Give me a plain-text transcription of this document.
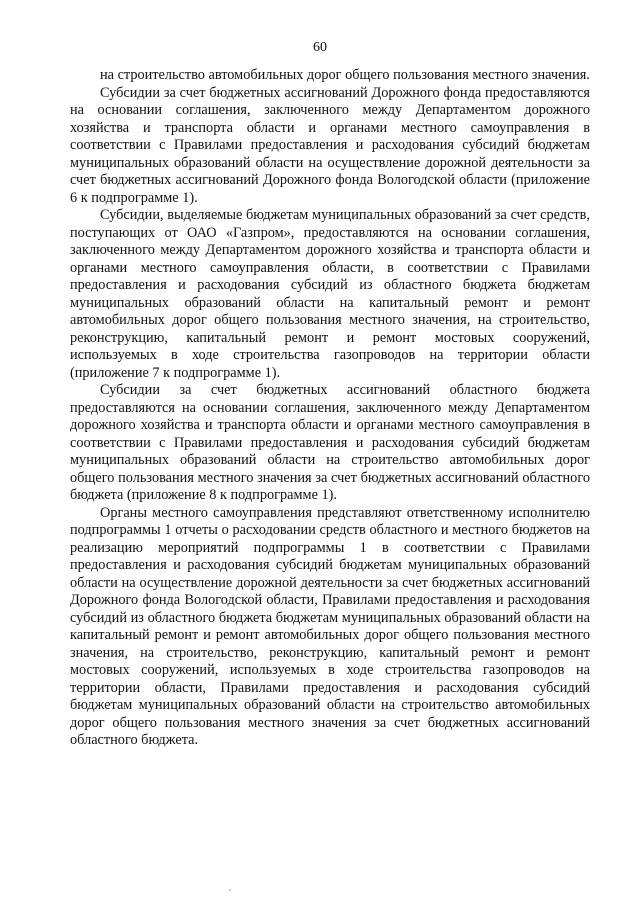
60

на строительство автомобильных дорог общего пользования местного значения.

Субсидии за счет бюджетных ассигнований Дорожного фонда предоставляются на основании соглашения, заключенного между Департаментом дорожного хозяйства и транспорта области и органами местного самоуправления в соответствии с Правилами предоставления и расходования субсидий бюджетам муниципальных образований области на осуществление дорожной деятельности за счет бюджетных ассигнований Дорожного фонда Вологодской области (приложение 6 к подпрограмме 1).

Субсидии, выделяемые бюджетам муниципальных образований за счет средств, поступающих от ОАО «Газпром», предоставляются на основании соглашения, заключенного между Департаментом дорожного хозяйства и транспорта области и органами местного самоуправления области, в соответствии с Правилами предоставления и расходования субсидий из областного бюджета бюджетам муниципальных образований области на капитальный ремонт и ремонт автомобильных дорог общего пользования местного значения, на строительство, реконструкцию, капитальный ремонт и ремонт мостовых сооружений, используемых в ходе строительства газопроводов на территории области (приложение 7 к подпрограмме 1).

Субсидии за счет бюджетных ассигнований областного бюджета предоставляются на основании соглашения, заключенного между Департаментом дорожного хозяйства и транспорта области и органами местного самоуправления в соответствии с Правилами предоставления и расходования субсидий бюджетам муниципальных образований области на строительство автомобильных дорог общего пользования местного значения за счет бюджетных ассигнований областного бюджета (приложение 8 к подпрограмме 1).

Органы местного самоуправления представляют ответственному исполнителю подпрограммы 1 отчеты о расходовании средств областного и местного бюджетов на реализацию мероприятий подпрограммы 1 в соответствии с Правилами предоставления и расходования субсидий бюджетам муниципальных образований области на осуществление дорожной деятельности за счет бюджетных ассигнований Дорожного фонда Вологодской области, Правилами предоставления и расходования субсидий из областного бюджета бюджетам муниципальных образований области на капитальный ремонт и ремонт автомобильных дорог общего пользования местного значения, на строительство, реконструкцию, капитальный ремонт и ремонт мостовых сооружений, используемых в ходе строительства газопроводов на территории области, Правилами предоставления и расходования субсидий бюджетам муниципальных образований области на строительство автомобильных дорог общего пользования местного значения за счет бюджетных ассигнований областного бюджета.
